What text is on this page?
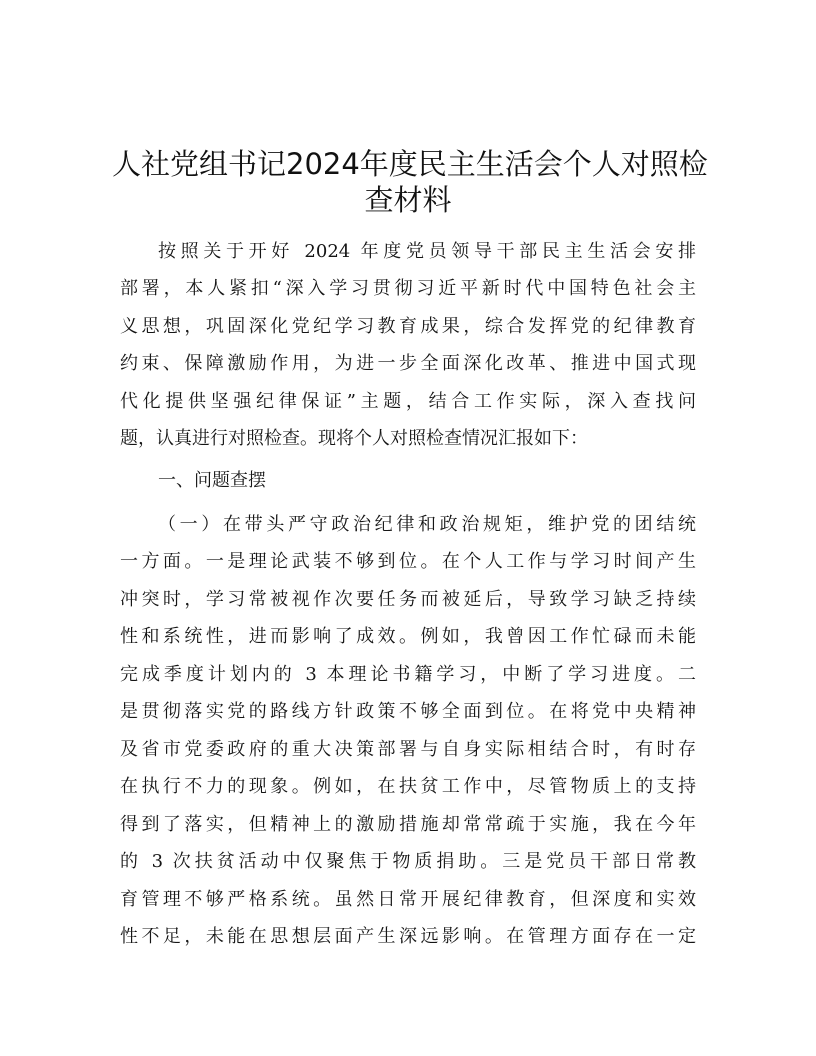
人社党组书记2024年度民主生活会个人对照检
查材料
按照关于开好 2024 年度党员领导干部民主生活会安排
部署，本人紧扣“深入学习贯彻习近平新时代中国特色社会主
义思想，巩固深化党纪学习教育成果，综合发挥党的纪律教育
约束、保障激励作用，为进一步全面深化改革、推进中国式现
代化提供坚强纪律保证”主题，结合工作实际，深入查找问
题，认真进行对照检查。现将个人对照检查情况汇报如下：
一、问题查摆
（一）在带头严守政治纪律和政治规矩，维护党的团结统
一方面。一是理论武装不够到位。在个人工作与学习时间产生
冲突时，学习常被视作次要任务而被延后，导致学习缺乏持续
性和系统性，进而影响了成效。例如，我曾因工作忙碌而未能
完成季度计划内的 3 本理论书籍学习，中断了学习进度。二
是贯彻落实党的路线方针政策不够全面到位。在将党中央精神
及省市党委政府的重大决策部署与自身实际相结合时，有时存
在执行不力的现象。例如，在扶贫工作中，尽管物质上的支持
得到了落实，但精神上的激励措施却常常疏于实施，我在今年
的 3 次扶贫活动中仅聚焦于物质捐助。三是党员干部日常教
育管理不够严格系统。虽然日常开展纪律教育，但深度和实效
性不足，未能在思想层面产生深远影响。在管理方面存在一定
